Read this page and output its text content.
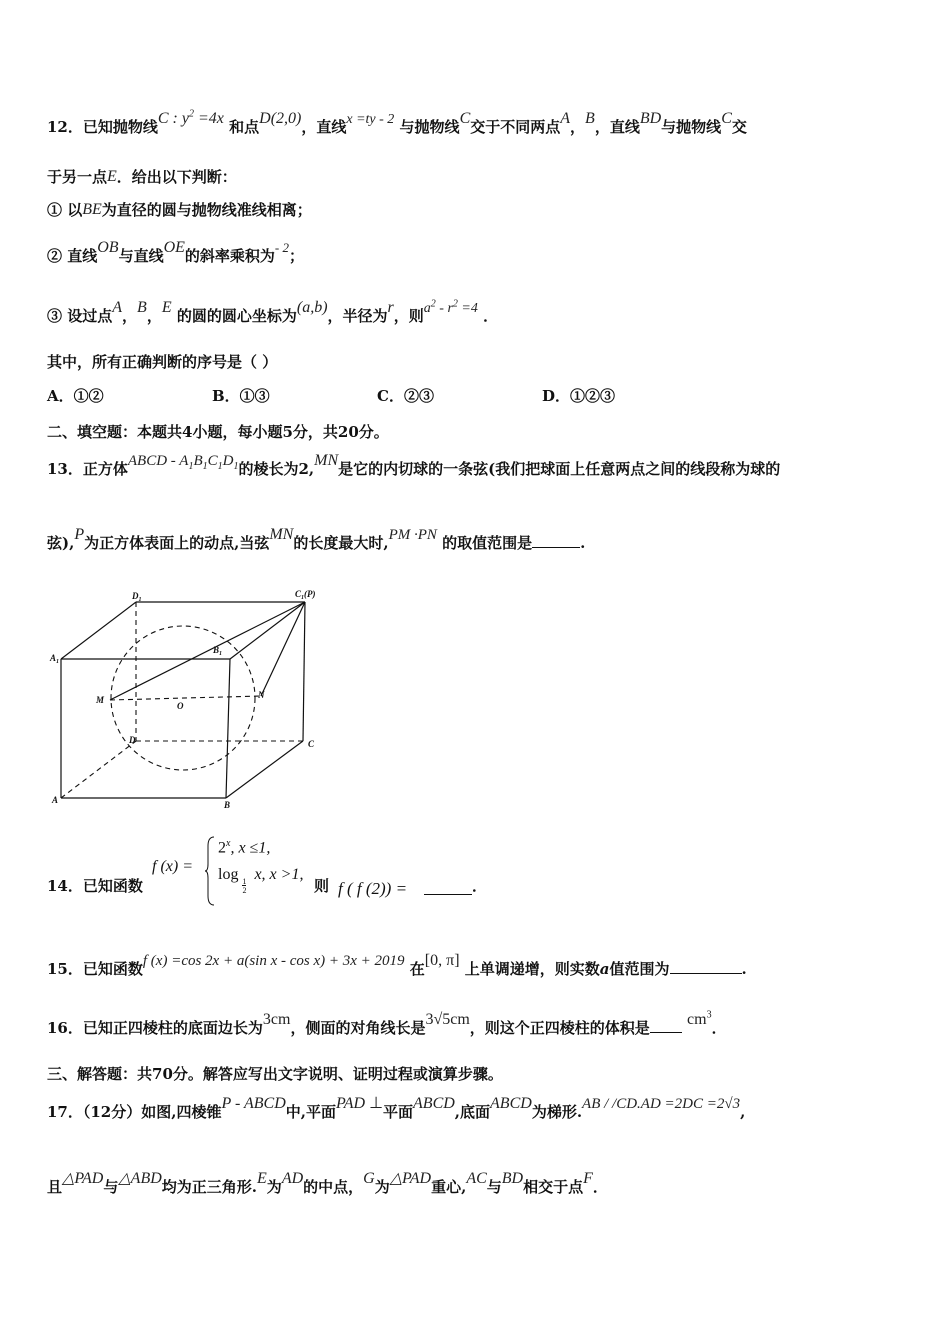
12．已知抛物线C : $y^2 =4x$ 和点D(2,0)，直线x =ty - 2 与抛物线C交于不同两点A，B，直线BD与抛物线C交
于另一点E．给出以下判断：
① 以BE为直径的圆与抛物线准线相离；
② 直线OB与直线OE的斜率乘积为- 2；
③ 设过点A，B，E 的圆的圆心坐标为(a,b)，半径为r，则$a^2 - r^2 =4$ ．
其中，所有正确判断的序号是（ ）
A．①②	B．①③	C．②③	D．①②③
二、填空题：本题共4小题，每小题5分，共20分。
13．正方体ABCD - $A_1B_1C_1D_1$的棱长为2,MN是它的内切球的一条弦(我们把球面上任意两点之间的线段称为球的
弦),P为正方体表面上的动点,当弦MN的长度最大时,PM ·PN 的取值范围是	.
$D_1$
$C_1(P)$
$A_1$
$B_1$
M
O
N
D	C
A	B
14．已知函数
f (x) =
$2^x$, x ≤1,
$\log\frac{1}{2} x$, x >1,
则 f ( f (2)) =	．
15．已知函数f (x) =cos 2x + a(sin x - cos x) + 3x + 2019 在[0, π] 上单调递增，则实数a值范围为	.
16．已知正四棱柱的底面边长为3cm，侧面的对角线长是3√5cm，则这个正四棱柱的体积是 $cm^3$．
三、解答题：共70分。解答应写出文字说明、证明过程或演算步骤。
17．（12分）如图,四棱锥P - ABCD中,平面PAD ⊥平面ABCD,底面ABCD为梯形.AB / /CD.AD =2DC =2√3,
且△PAD与△ABD均为正三角形.E为AD的中点，G为△PAD重心,AC与BD相交于点F．
